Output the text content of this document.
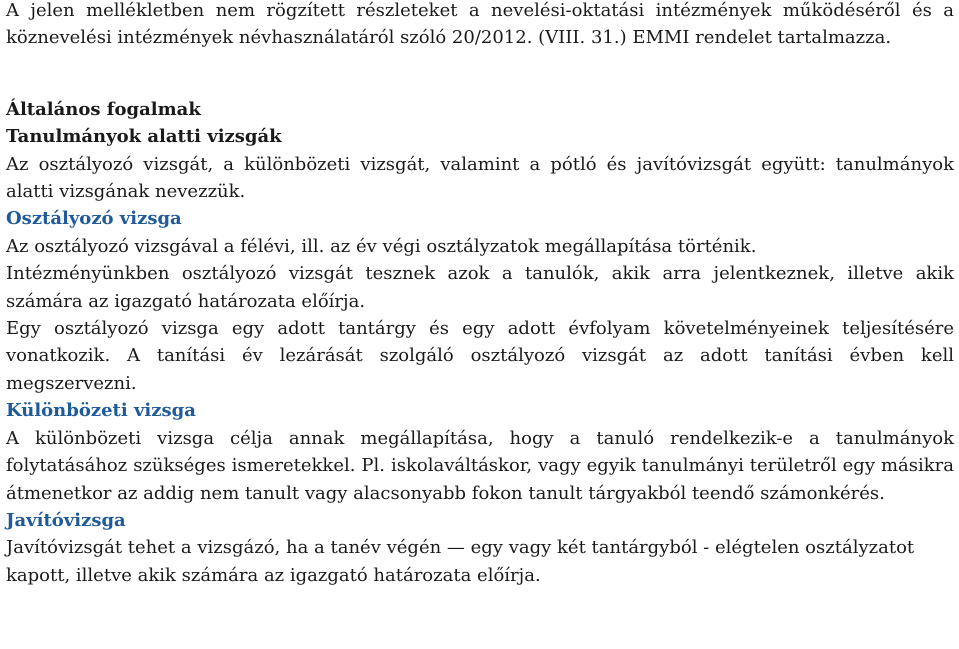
A jelen mellékletben nem rögzített részleteket a nevelési-oktatási intézmények működéséről és a köznevelési intézmények névhasználatáról szóló 20/2012. (VIII. 31.) EMMI rendelet tartalmazza.

Általános fogalmak

Tanulmányok alatti vizsgák

Az osztályozó vizsgát, a különbözeti vizsgát, valamint a pótló és javítóvizsgát együtt: tanulmányok alatti vizsgának nevezzük.

Osztályozó vizsga

Az osztályozó vizsgával a félévi, ill. az év végi osztályzatok megállapítása történik.

Intézményünkben osztályozó vizsgát tesznek azok a tanulók, akik arra jelentkeznek, illetve akik számára az igazgató határozata előírja.

Egy osztályozó vizsga egy adott tantárgy és egy adott évfolyam követelményeinek teljesítésére vonatkozik. A tanítási év lezárását szolgáló osztályozó vizsgát az adott tanítási évben kell megszervezni.

Különbözeti vizsga

A különbözeti vizsga célja annak megállapítása, hogy a tanuló rendelkezik-e a tanulmányok folytatásához szükséges ismeretekkel. Pl. iskolaváltáskor, vagy egyik tanulmányi területről egy másikra átmenetkor az addig nem tanult vagy alacsonyabb fokon tanult tárgyakból teendő számonkérés.

Javítóvizsga

Javítóvizsgát tehet a vizsgázó, ha a tanév végén — egy vagy két tantárgyból - elégtelen osztályzatot kapott, illetve akik számára az igazgató határozata előírja.
